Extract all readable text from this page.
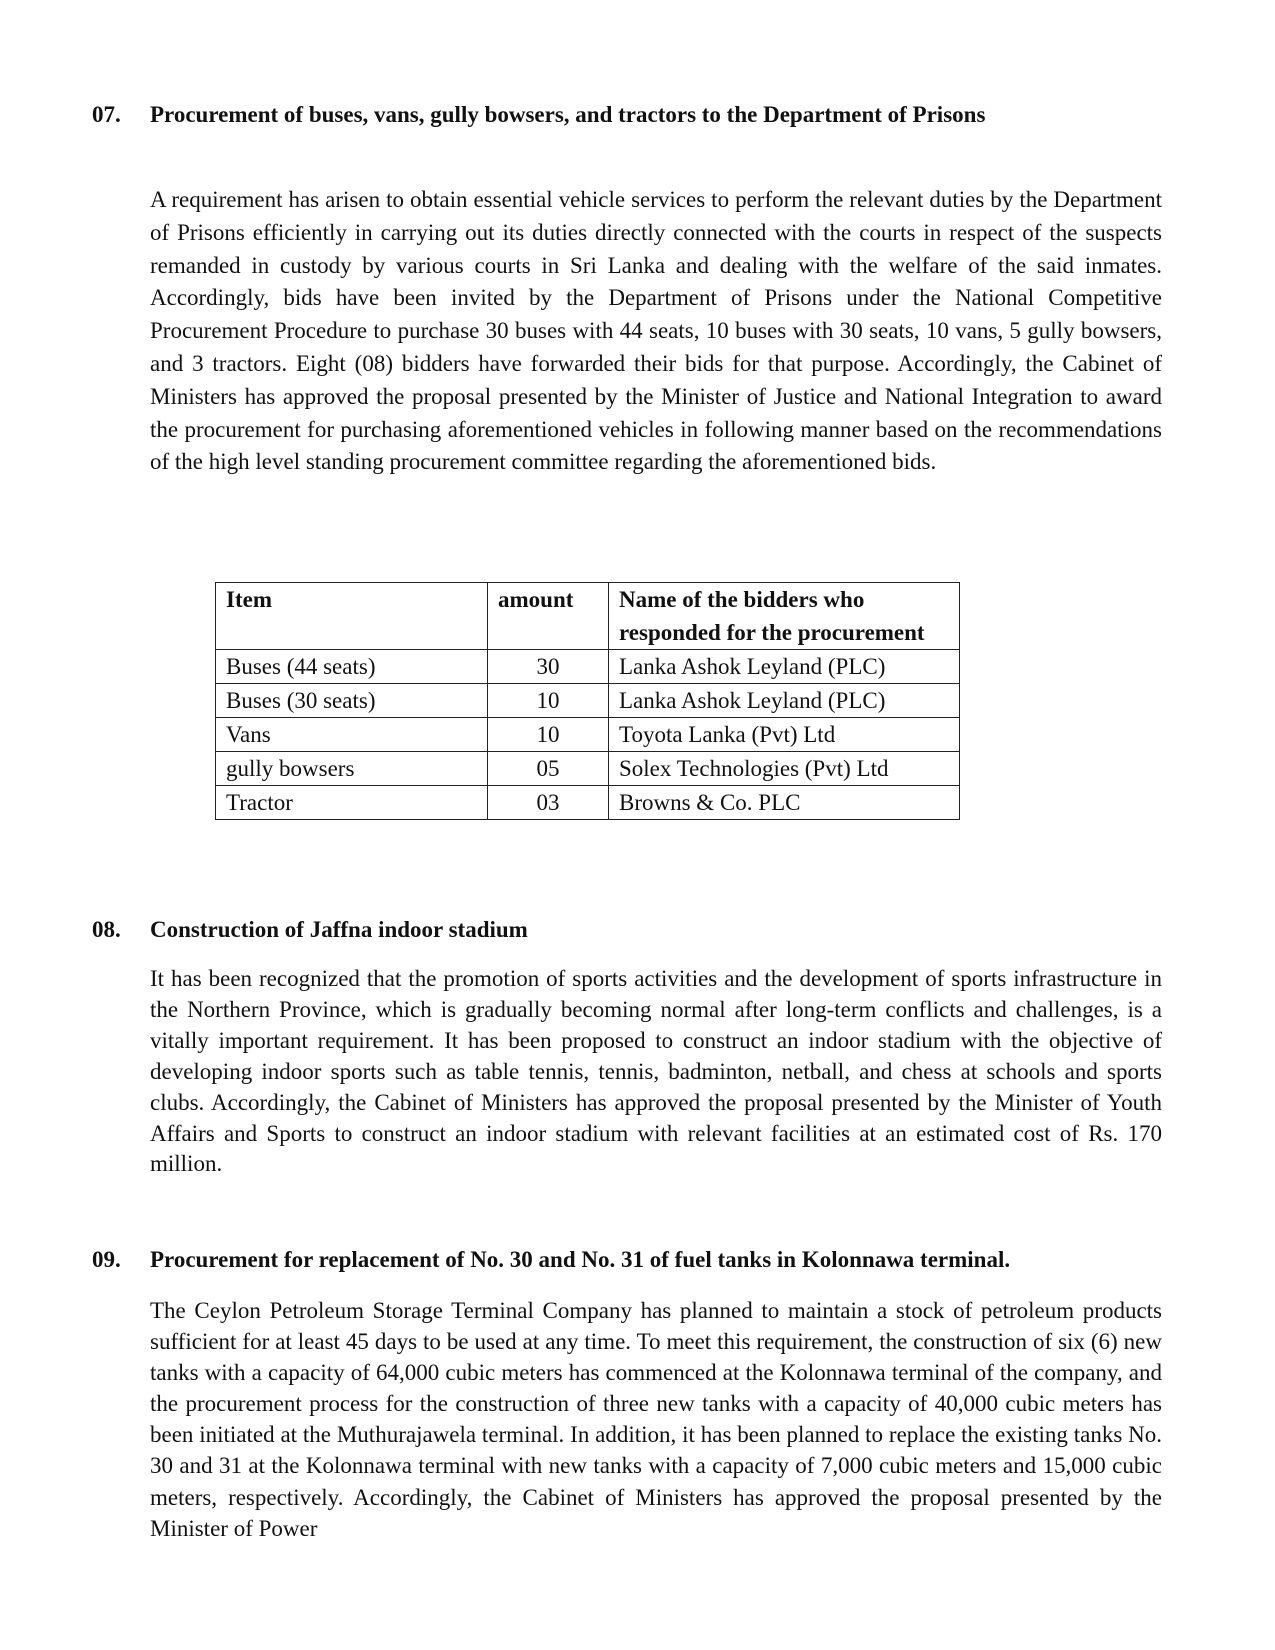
07. Procurement of buses, vans, gully bowsers, and tractors to the Department of Prisons

A requirement has arisen to obtain essential vehicle services to perform the relevant duties by the Department of Prisons efficiently in carrying out its duties directly connected with the courts in respect of the suspects remanded in custody by various courts in Sri Lanka and dealing with the welfare of the said inmates. Accordingly, bids have been invited by the Department of Prisons under the National Competitive Procurement Procedure to purchase 30 buses with 44 seats, 10 buses with 30 seats, 10 vans, 5 gully bowsers, and 3 tractors. Eight (08) bidders have forwarded their bids for that purpose. Accordingly, the Cabinet of Ministers has approved the proposal presented by the Minister of Justice and National Integration to award the procurement for purchasing aforementioned vehicles in following manner based on the recommendations of the high level standing procurement committee regarding the aforementioned bids.

Item	amount	Name of the bidders who responded for the procurement
Buses (44 seats)	30	Lanka Ashok Leyland (PLC)
Buses (30 seats)	10	Lanka Ashok Leyland (PLC)
Vans	10	Toyota Lanka (Pvt) Ltd
gully bowsers	05	Solex Technologies (Pvt) Ltd
Tractor	03	Browns & Co. PLC
08. Construction of Jaffna indoor stadium

It has been recognized that the promotion of sports activities and the development of sports infrastructure in the Northern Province, which is gradually becoming normal after long-term conflicts and challenges, is a vitally important requirement. It has been proposed to construct an indoor stadium with the objective of developing indoor sports such as table tennis, tennis, badminton, netball, and chess at schools and sports clubs. Accordingly, the Cabinet of Ministers has approved the proposal presented by the Minister of Youth Affairs and Sports to construct an indoor stadium with relevant facilities at an estimated cost of Rs. 170 million.

09. Procurement for replacement of No. 30 and No. 31 of fuel tanks in Kolonnawa terminal.

The Ceylon Petroleum Storage Terminal Company has planned to maintain a stock of petroleum products sufficient for at least 45 days to be used at any time. To meet this requirement, the construction of six (6) new tanks with a capacity of 64,000 cubic meters has commenced at the Kolonnawa terminal of the company, and the procurement process for the construction of three new tanks with a capacity of 40,000 cubic meters has been initiated at the Muthurajawela terminal. In addition, it has been planned to replace the existing tanks No. 30 and 31 at the Kolonnawa terminal with new tanks with a capacity of 7,000 cubic meters and 15,000 cubic meters, respectively. Accordingly, the Cabinet of Ministers has approved the proposal presented by the Minister of Power
